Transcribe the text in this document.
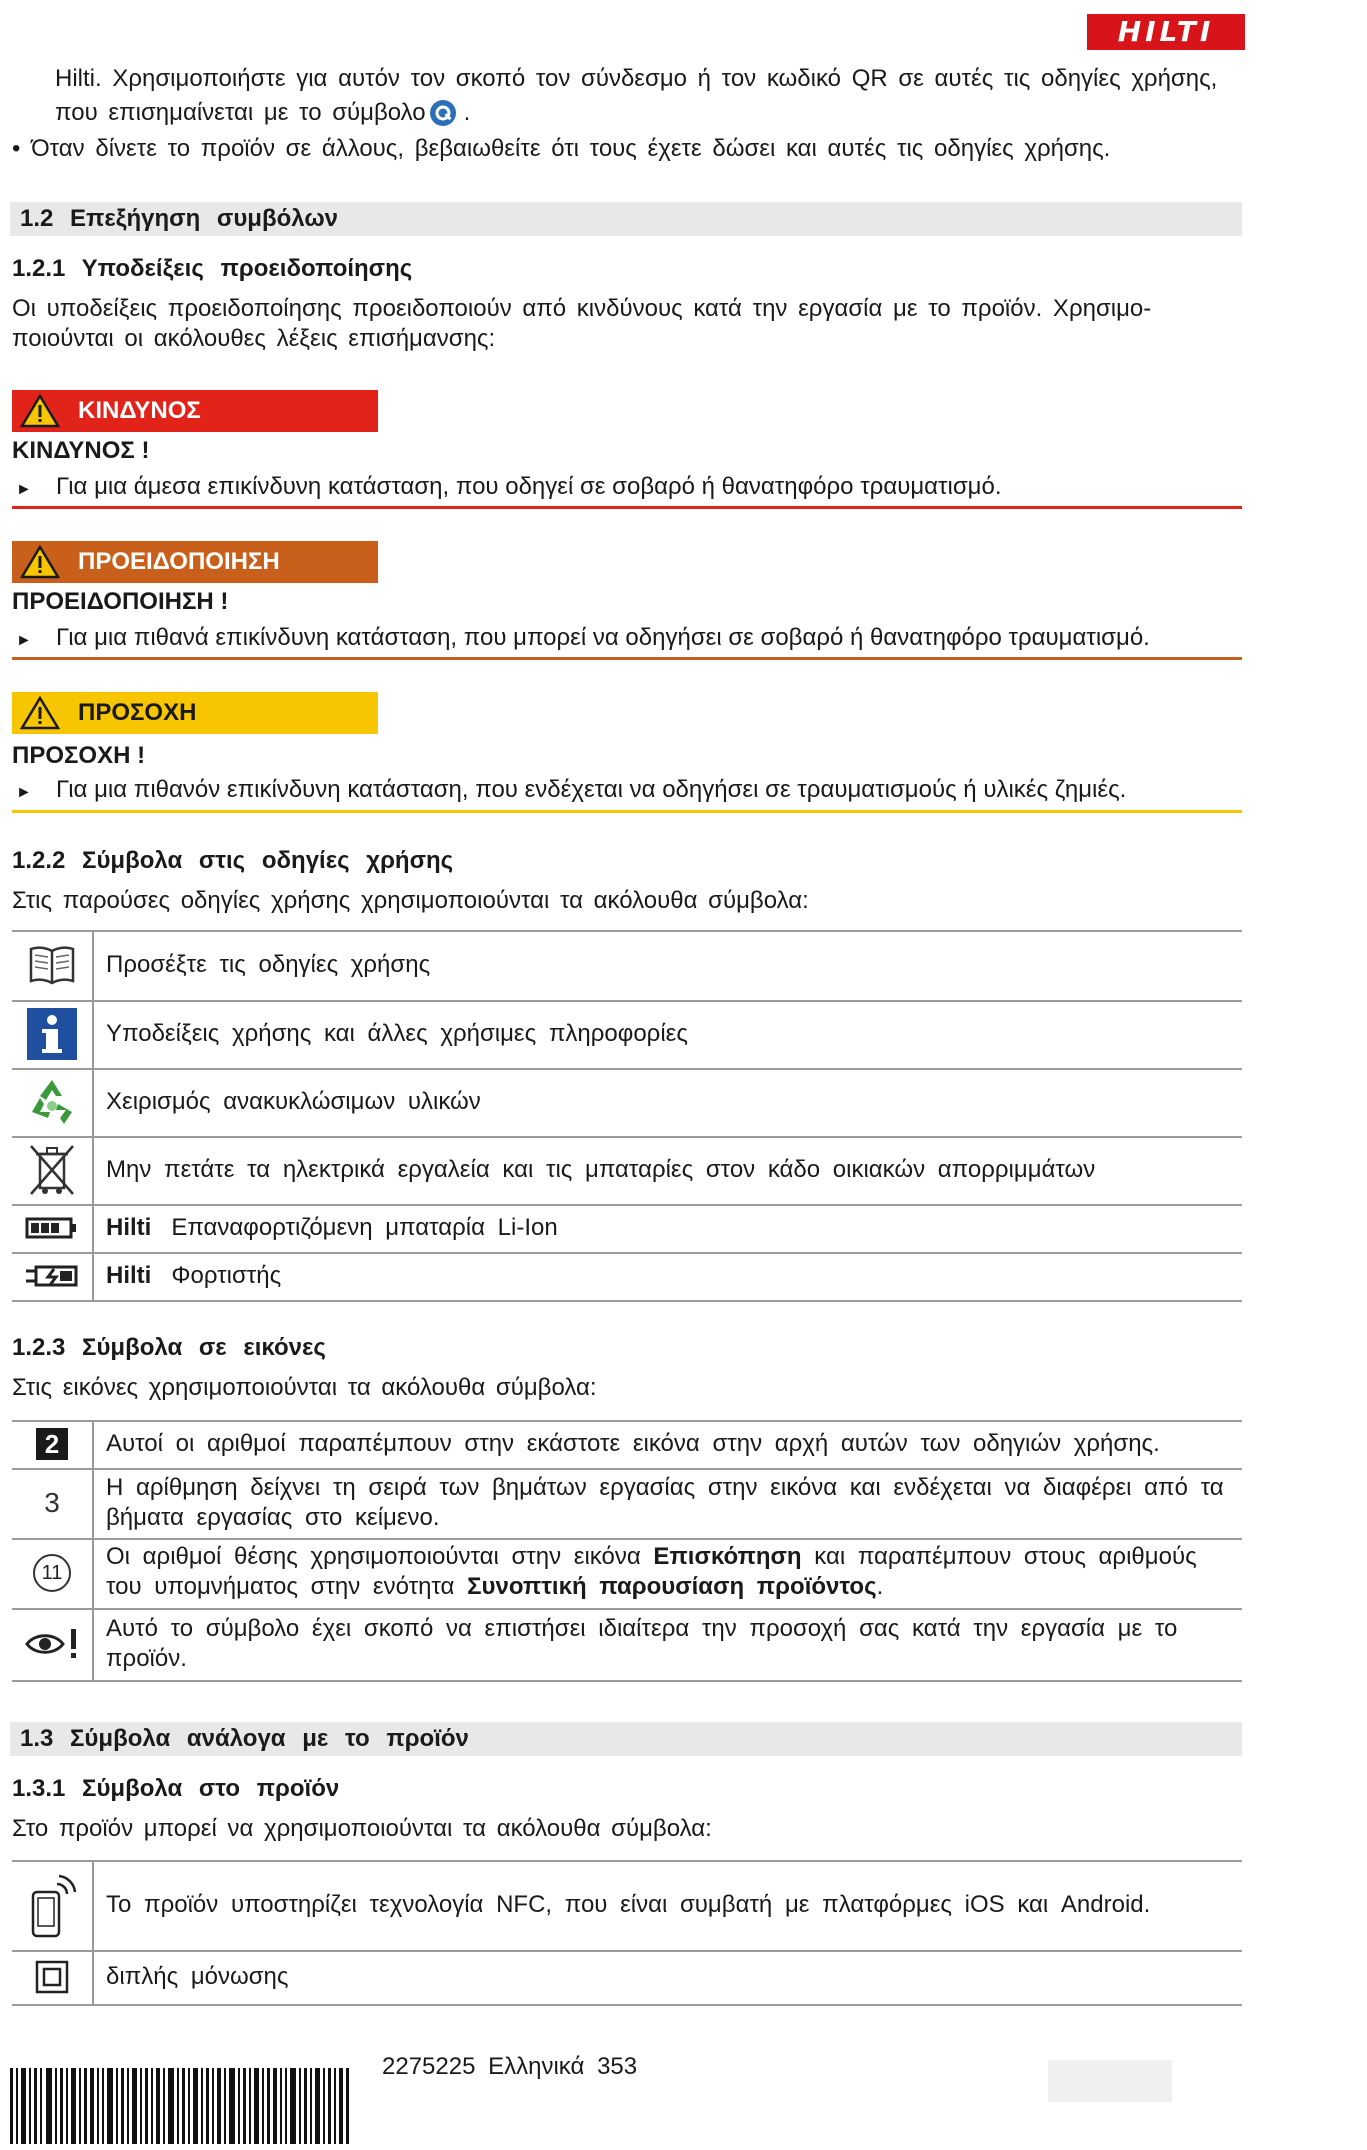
HILTI
Hilti. Χρησιμοποιήστε για αυτόν τον σκοπό τον σύνδεσμο ή τον κωδικό QR σε αυτές τις οδηγίες χρήσης,
που επισημαίνεται με το σύμβολο .
• Όταν δίνετε το προϊόν σε άλλους, βεβαιωθείτε ότι τους έχετε δώσει και αυτές τις οδηγίες χρήσης.
1.2 Επεξήγηση συμβόλων
1.2.1 Υποδείξεις προειδοποίησης
Οι υποδείξεις προειδοποίησης προειδοποιούν από κινδύνους κατά την εργασία με το προϊόν. Χρησιμο-
ποιούνται οι ακόλουθες λέξεις επισήμανσης:
ΚΙΝΔΥΝΟΣ
ΚΙΝΔΥΝΟΣ !
► Για μια άμεσα επικίνδυνη κατάσταση, που οδηγεί σε σοβαρό ή θανατηφόρο τραυματισμό.
ΠΡΟΕΙΔΟΠΟΙΗΣΗ
ΠΡΟΕΙΔΟΠΟΙΗΣΗ !
► Για μια πιθανά επικίνδυνη κατάσταση, που μπορεί να οδηγήσει σε σοβαρό ή θανατηφόρο τραυματισμό.
ΠΡΟΣΟΧΗ
ΠΡΟΣΟΧΗ !
► Για μια πιθανόν επικίνδυνη κατάσταση, που ενδέχεται να οδηγήσει σε τραυματισμούς ή υλικές ζημιές.
1.2.2 Σύμβολα στις οδηγίες χρήσης
Στις παρούσες οδηγίες χρήσης χρησιμοποιούνται τα ακόλουθα σύμβολα:
Προσέξτε τις οδηγίες χρήσης
Υποδείξεις χρήσης και άλλες χρήσιμες πληροφορίες
Χειρισμός ανακυκλώσιμων υλικών
Μην πετάτε τα ηλεκτρικά εργαλεία και τις μπαταρίες στον κάδο οικιακών απορριμμάτων
Hilti Επαναφορτιζόμενη μπαταρία Li-Ion
Hilti Φορτιστής
1.2.3 Σύμβολα σε εικόνες
Στις εικόνες χρησιμοποιούνται τα ακόλουθα σύμβολα:
2	Αυτοί οι αριθμοί παραπέμπουν στην εκάστοτε εικόνα στην αρχή αυτών των οδηγιών χρήσης.
3 Η αρίθμηση δείχνει τη σειρά των βημάτων εργασίας στην εικόνα και ενδέχεται να διαφέρει από τα βήματα εργασίας στο κείμενο.
11
Οι αριθμοί θέσης χρησιμοποιούνται στην εικόνα Επισκόπηση και παραπέμπουν στους αριθμούς του υπομνήματος στην ενότητα Συνοπτική παρουσίαση προϊόντος.
Αυτό το σύμβολο έχει σκοπό να επιστήσει ιδιαίτερα την προσοχή σας κατά την εργασία με το προϊόν.
1.3 Σύμβολα ανάλογα με το προϊόν
1.3.1 Σύμβολα στο προϊόν
Στο προϊόν μπορεί να χρησιμοποιούνται τα ακόλουθα σύμβολα:
Το προϊόν υποστηρίζει τεχνολογία NFC, που είναι συμβατή με πλατφόρμες iOS και Android.
διπλής μόνωσης
2275225 Ελληνικά 353
